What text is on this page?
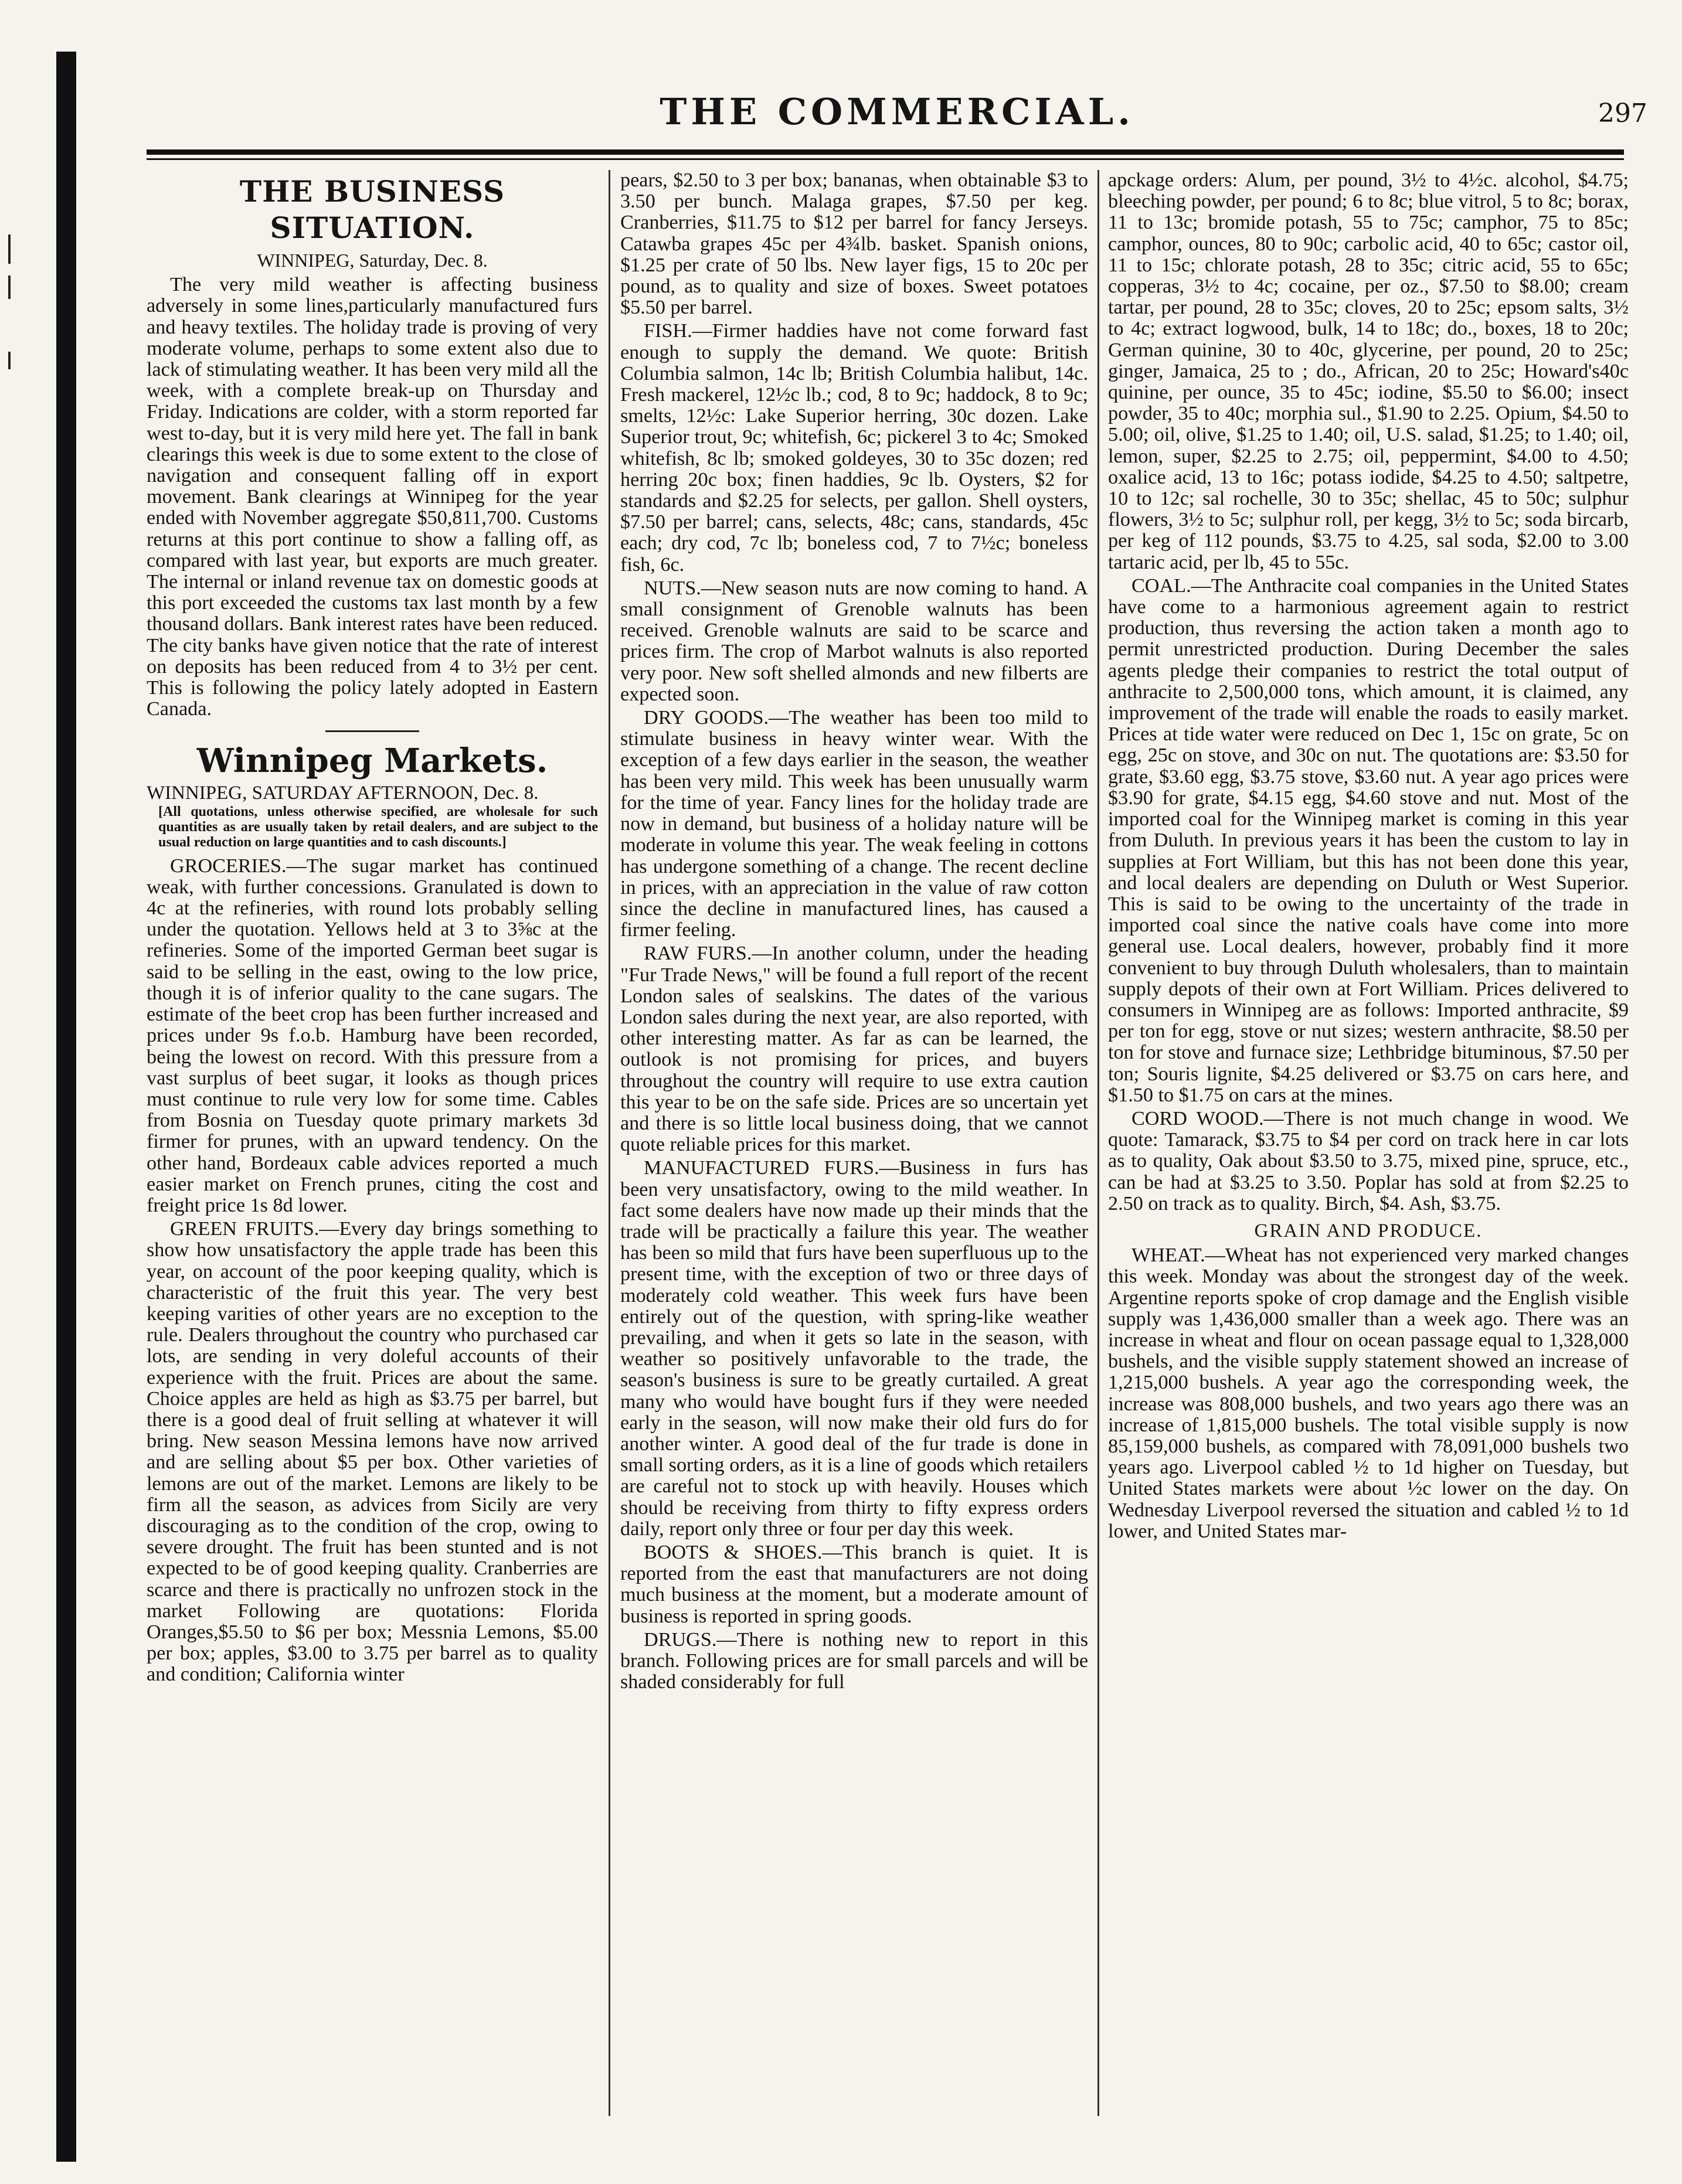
THE COMMERCIAL.	297
THE BUSINESS SITUATION.
WINNIPEG, Saturday, Dec. 8.

The very mild weather is affecting business adversely in some lines,particularly manufactured furs and heavy textiles. The holiday trade is proving of very moderate volume, perhaps to some extent also due to lack of stimulating weather. It has been very mild all the week, with a complete break-up on Thursday and Friday. Indications are colder, with a storm reported far west to-day, but it is very mild here yet. The fall in bank clearings this week is due to some extent to the close of navigation and consequent falling off in export movement. Bank clearings at Winnipeg for the year ended with November aggregate $50,811,700. Customs returns at this port continue to show a falling off, as compared with last year, but exports are much greater. The internal or inland revenue tax on domestic goods at this port exceeded the customs tax last month by a few thousand dollars. Bank interest rates have been reduced. The city banks have given notice that the rate of interest on deposits has been reduced from 4 to 3½ per cent. This is following the policy lately adopted in Eastern Canada.

Winnipeg Markets.

WINNIPEG, SATURDAY AFTERNOON, Dec. 8.

[All quotations, unless otherwise specified, are wholesale for such quantities as are usually taken by retail dealers, and are subject to the usual reduction on large quantities and to cash discounts.]

GROCERIES.—The sugar market has continued weak, with further concessions. Granulated is down to 4c at the refineries, with round lots probably selling under the quotation. Yellows held at 3 to 3⅝c at the refineries. Some of the imported German beet sugar is said to be selling in the east, owing to the low price, though it is of inferior quality to the cane sugars. The estimate of the beet crop has been further increased and prices under 9s f.o.b. Hamburg have been recorded, being the lowest on record. With this pressure from a vast surplus of beet sugar, it looks as though prices must continue to rule very low for some time. Cables from Bosnia on Tuesday quote primary markets 3d firmer for prunes, with an upward tendency. On the other hand, Bordeaux cable advices reported a much easier market on French prunes, citing the cost and freight price 1s 8d lower.

GREEN FRUITS.—Every day brings something to show how unsatisfactory the apple trade has been this year, on account of the poor keeping quality, which is characteristic of the fruit this year. The very best keeping varities of other years are no exception to the rule. Dealers throughout the country who purchased car lots, are sending in very doleful accounts of their experience with the fruit. Prices are about the same. Choice apples are held as high as $3.75 per barrel, but there is a good deal of fruit selling at whatever it will bring. New season Messina lemons have now arrived and are selling about $5 per box. Other varieties of lemons are out of the market. Lemons are likely to be firm all the season, as advices from Sicily are very discouraging as to the condition of the crop, owing to severe drought. The fruit has been stunted and is not expected to be of good keeping quality. Cranberries are scarce and there is practically no unfrozen stock in the market Following are quotations: Florida Oranges,$5.50 to $6 per box; Messnia Lemons, $5.00 per box; apples, $3.00 to 3.75 per barrel as to quality and condition; California winter

pears, $2.50 to 3 per box; bananas, when obtainable $3 to 3.50 per bunch. Malaga grapes, $7.50 per keg. Cranberries, $11.75 to $12 per barrel for fancy Jerseys. Catawba grapes 45c per 4¾lb. basket. Spanish onions, $1.25 per crate of 50 lbs. New layer figs, 15 to 20c per pound, as to quality and size of boxes. Sweet potatoes $5.50 per barrel.

FISH.—Firmer haddies have not come forward fast enough to supply the demand. We quote: British Columbia salmon, 14c lb; British Columbia halibut, 14c. Fresh mackerel, 12½c lb.; cod, 8 to 9c; haddock, 8 to 9c; smelts, 12½c: Lake Superior herring, 30c dozen. Lake Superior trout, 9c; whitefish, 6c; pickerel 3 to 4c; Smoked whitefish, 8c lb; smoked goldeyes, 30 to 35c dozen; red herring 20c box; finen haddies, 9c lb. Oysters, $2 for standards and $2.25 for selects, per gallon. Shell oysters, $7.50 per barrel; cans, selects, 48c; cans, standards, 45c each; dry cod, 7c lb; boneless cod, 7 to 7½c; boneless fish, 6c.

NUTS.—New season nuts are now coming to hand. A small consignment of Grenoble walnuts has been received. Grenoble walnuts are said to be scarce and prices firm. The crop of Marbot walnuts is also reported very poor. New soft shelled almonds and new filberts are expected soon.

DRY GOODS.—The weather has been too mild to stimulate business in heavy winter wear. With the exception of a few days earlier in the season, the weather has been very mild. This week has been unusually warm for the time of year. Fancy lines for the holiday trade are now in demand, but business of a holiday nature will be moderate in volume this year. The weak feeling in cottons has undergone something of a change. The recent decline in prices, with an appreciation in the value of raw cotton since the decline in manufactured lines, has caused a firmer feeling.

RAW FURS.—In another column, under the heading "Fur Trade News," will be found a full report of the recent London sales of sealskins. The dates of the various London sales during the next year, are also reported, with other interesting matter. As far as can be learned, the outlook is not promising for prices, and buyers throughout the country will require to use extra caution this year to be on the safe side. Prices are so uncertain yet and there is so little local business doing, that we cannot quote reliable prices for this market.

MANUFACTURED FURS.—Business in furs has been very unsatisfactory, owing to the mild weather. In fact some dealers have now made up their minds that the trade will be practically a failure this year. The weather has been so mild that furs have been superfluous up to the present time, with the exception of two or three days of moderately cold weather. This week furs have been entirely out of the question, with spring-like weather prevailing, and when it gets so late in the season, with weather so positively unfavorable to the trade, the season's business is sure to be greatly curtailed. A great many who would have bought furs if they were needed early in the season, will now make their old furs do for another winter. A good deal of the fur trade is done in small sorting orders, as it is a line of goods which retailers are careful not to stock up with heavily. Houses which should be receiving from thirty to fifty express orders daily, report only three or four per day this week.

BOOTS & SHOES.—This branch is quiet. It is reported from the east that manufacturers are not doing much business at the moment, but a moderate amount of business is reported in spring goods.

DRUGS.—There is nothing new to report in this branch. Following prices are for small parcels and will be shaded considerably for full

apckage orders: Alum, per pound, 3½ to 4½c. alcohol, $4.75; bleeching powder, per pound; 6 to 8c; blue vitrol, 5 to 8c; borax, 11 to 13c; bromide potash, 55 to 75c; camphor, 75 to 85c; camphor, ounces, 80 to 90c; carbolic acid, 40 to 65c; castor oil, 11 to 15c; chlorate potash, 28 to 35c; citric acid, 55 to 65c; copperas, 3½ to 4c; cocaine, per oz., $7.50 to $8.00; cream tartar, per pound, 28 to 35c; cloves, 20 to 25c; epsom salts, 3½ to 4c; extract logwood, bulk, 14 to 18c; do., boxes, 18 to 20c; German quinine, 30 to 40c, glycerine, per pound, 20 to 25c; ginger, Jamaica, 25 to ; do., African, 20 to 25c; Howard's40c quinine, per ounce, 35 to 45c; iodine, $5.50 to $6.00; insect powder, 35 to 40c; morphia sul., $1.90 to 2.25. Opium, $4.50 to 5.00; oil, olive, $1.25 to 1.40; oil, U.S. salad, $1.25; to 1.40; oil, lemon, super, $2.25 to 2.75; oil, peppermint, $4.00 to 4.50; oxalice acid, 13 to 16c; potass iodide, $4.25 to 4.50; saltpetre, 10 to 12c; sal rochelle, 30 to 35c; shellac, 45 to 50c; sulphur flowers, 3½ to 5c; sulphur roll, per kegg, 3½ to 5c; soda bircarb, per keg of 112 pounds, $3.75 to 4.25, sal soda, $2.00 to 3.00 tartaric acid, per lb, 45 to 55c.

COAL.—The Anthracite coal companies in the United States have come to a harmonious agreement again to restrict production, thus reversing the action taken a month ago to permit unrestricted production. During December the sales agents pledge their companies to restrict the total output of anthracite to 2,500,000 tons, which amount, it is claimed, any improvement of the trade will enable the roads to easily market. Prices at tide water were reduced on Dec 1, 15c on grate, 5c on egg, 25c on stove, and 30c on nut. The quotations are: $3.50 for grate, $3.60 egg, $3.75 stove, $3.60 nut. A year ago prices were $3.90 for grate, $4.15 egg, $4.60 stove and nut. Most of the imported coal for the Winnipeg market is coming in this year from Duluth. In previous years it has been the custom to lay in supplies at Fort William, but this has not been done this year, and local dealers are depending on Duluth or West Superior. This is said to be owing to the uncertainty of the trade in imported coal since the native coals have come into more general use. Local dealers, however, probably find it more convenient to buy through Duluth wholesalers, than to maintain supply depots of their own at Fort William. Prices delivered to consumers in Winnipeg are as follows: Imported anthracite, $9 per ton for egg, stove or nut sizes; western anthracite, $8.50 per ton for stove and furnace size; Lethbridge bituminous, $7.50 per ton; Souris lignite, $4.25 delivered or $3.75 on cars here, and $1.50 to $1.75 on cars at the mines.

CORD WOOD.—There is not much change in wood. We quote: Tamarack, $3.75 to $4 per cord on track here in car lots as to quality, Oak about $3.50 to 3.75, mixed pine, spruce, etc., can be had at $3.25 to 3.50. Poplar has sold at from $2.25 to 2.50 on track as to quality. Birch, $4. Ash, $3.75.

GRAIN AND PRODUCE.

WHEAT.—Wheat has not experienced very marked changes this week. Monday was about the strongest day of the week. Argentine reports spoke of crop damage and the English visible supply was 1,436,000 smaller than a week ago. There was an increase in wheat and flour on ocean passage equal to 1,328,000 bushels, and the visible supply statement showed an increase of 1,215,000 bushels. A year ago the corresponding week, the increase was 808,000 bushels, and two years ago there was an increase of 1,815,000 bushels. The total visible supply is now 85,159,000 bushels, as compared with 78,091,000 bushels two years ago. Liverpool cabled ½ to 1d higher on Tuesday, but United States markets were about ½c lower on the day. On Wednesday Liverpool reversed the situation and cabled ½ to 1d lower, and United States mar-
